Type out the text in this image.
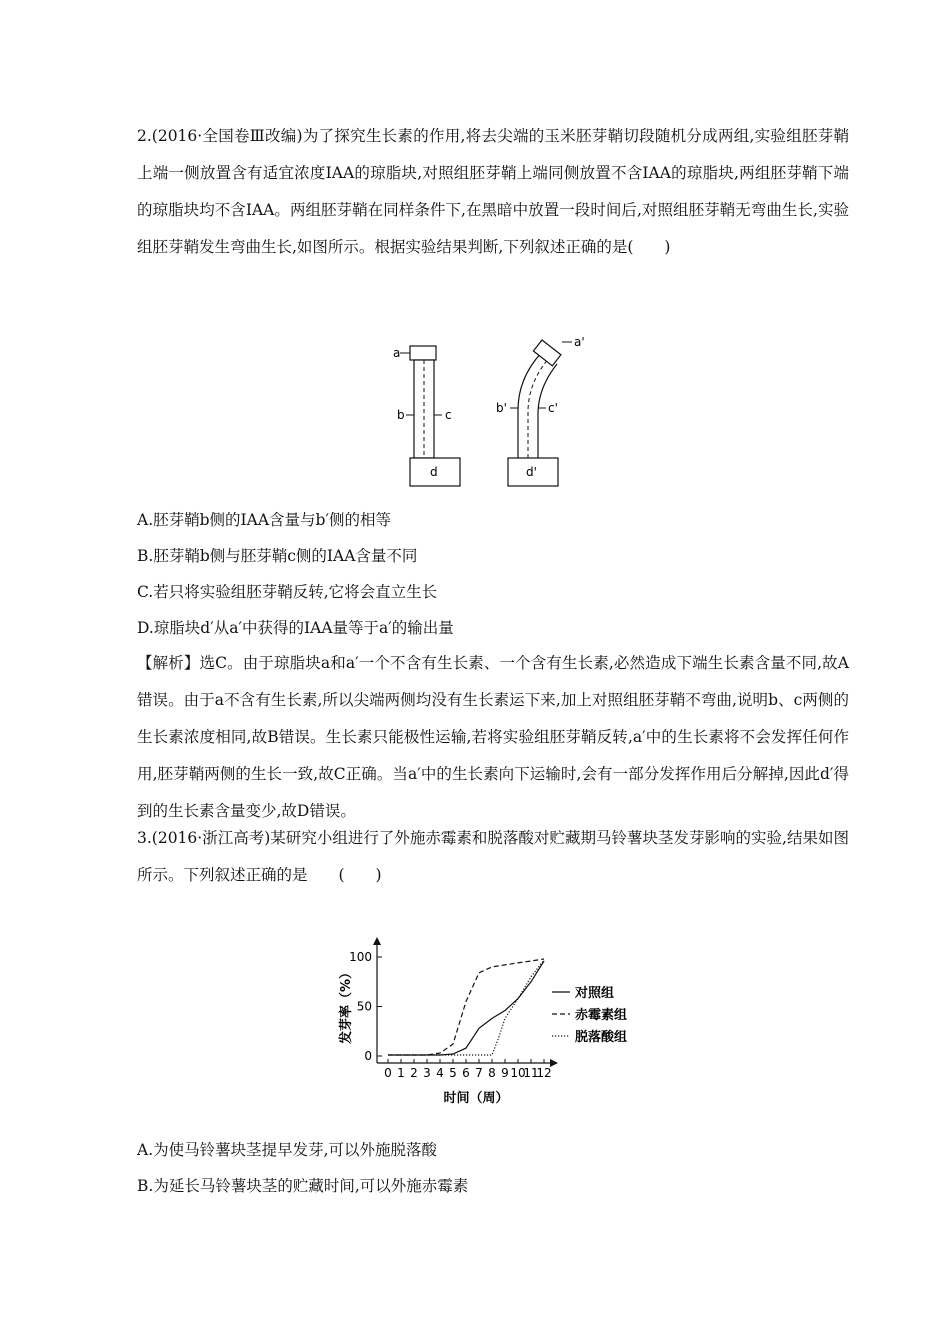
2.(2016·全国卷Ⅲ改编)为了探究生长素的作用,将去尖端的玉米胚芽鞘切段随机分成两组,实验组胚芽鞘上端一侧放置含有适宜浓度IAA的琼脂块,对照组胚芽鞘上端同侧放置不含IAA的琼脂块,两组胚芽鞘下端的琼脂块均不含IAA。两组胚芽鞘在同样条件下,在黑暗中放置一段时间后,对照组胚芽鞘无弯曲生长,实验组胚芽鞘发生弯曲生长,如图所示。根据实验结果判断,下列叙述正确的是(　　)
a
b	c
d
a'
b'	c'
d'
A.胚芽鞘b侧的IAA含量与b′侧的相等
B.胚芽鞘b侧与胚芽鞘c侧的IAA含量不同
C.若只将实验组胚芽鞘反转,它将会直立生长
D.琼脂块d′从a′中获得的IAA量等于a′的输出量
【解析】选C。由于琼脂块a和a′一个不含有生长素、一个含有生长素,必然造成下端生长素含量不同,故A错误。由于a不含有生长素,所以尖端两侧均没有生长素运下来,加上对照组胚芽鞘不弯曲,说明b、c两侧的生长素浓度相同,故B错误。生长素只能极性运输,若将实验组胚芽鞘反转,a′中的生长素将不会发挥任何作用,胚芽鞘两侧的生长一致,故C正确。当a′中的生长素向下运输时,会有一部分发挥作用后分解掉,因此d′得到的生长素含量变少,故D错误。
3.(2016·浙江高考)某研究小组进行了外施赤霉素和脱落酸对贮藏期马铃薯块茎发芽影响的实验,结果如图所示。下列叙述正确的是　　(　　)
0 1 2 3 4 5 6 7 8 9 10
11
12
0
50
100
对照组
赤霉素组
脱落酸组
时间（周）
发芽率（%）
A.为使马铃薯块茎提早发芽,可以外施脱落酸
B.为延长马铃薯块茎的贮藏时间,可以外施赤霉素
